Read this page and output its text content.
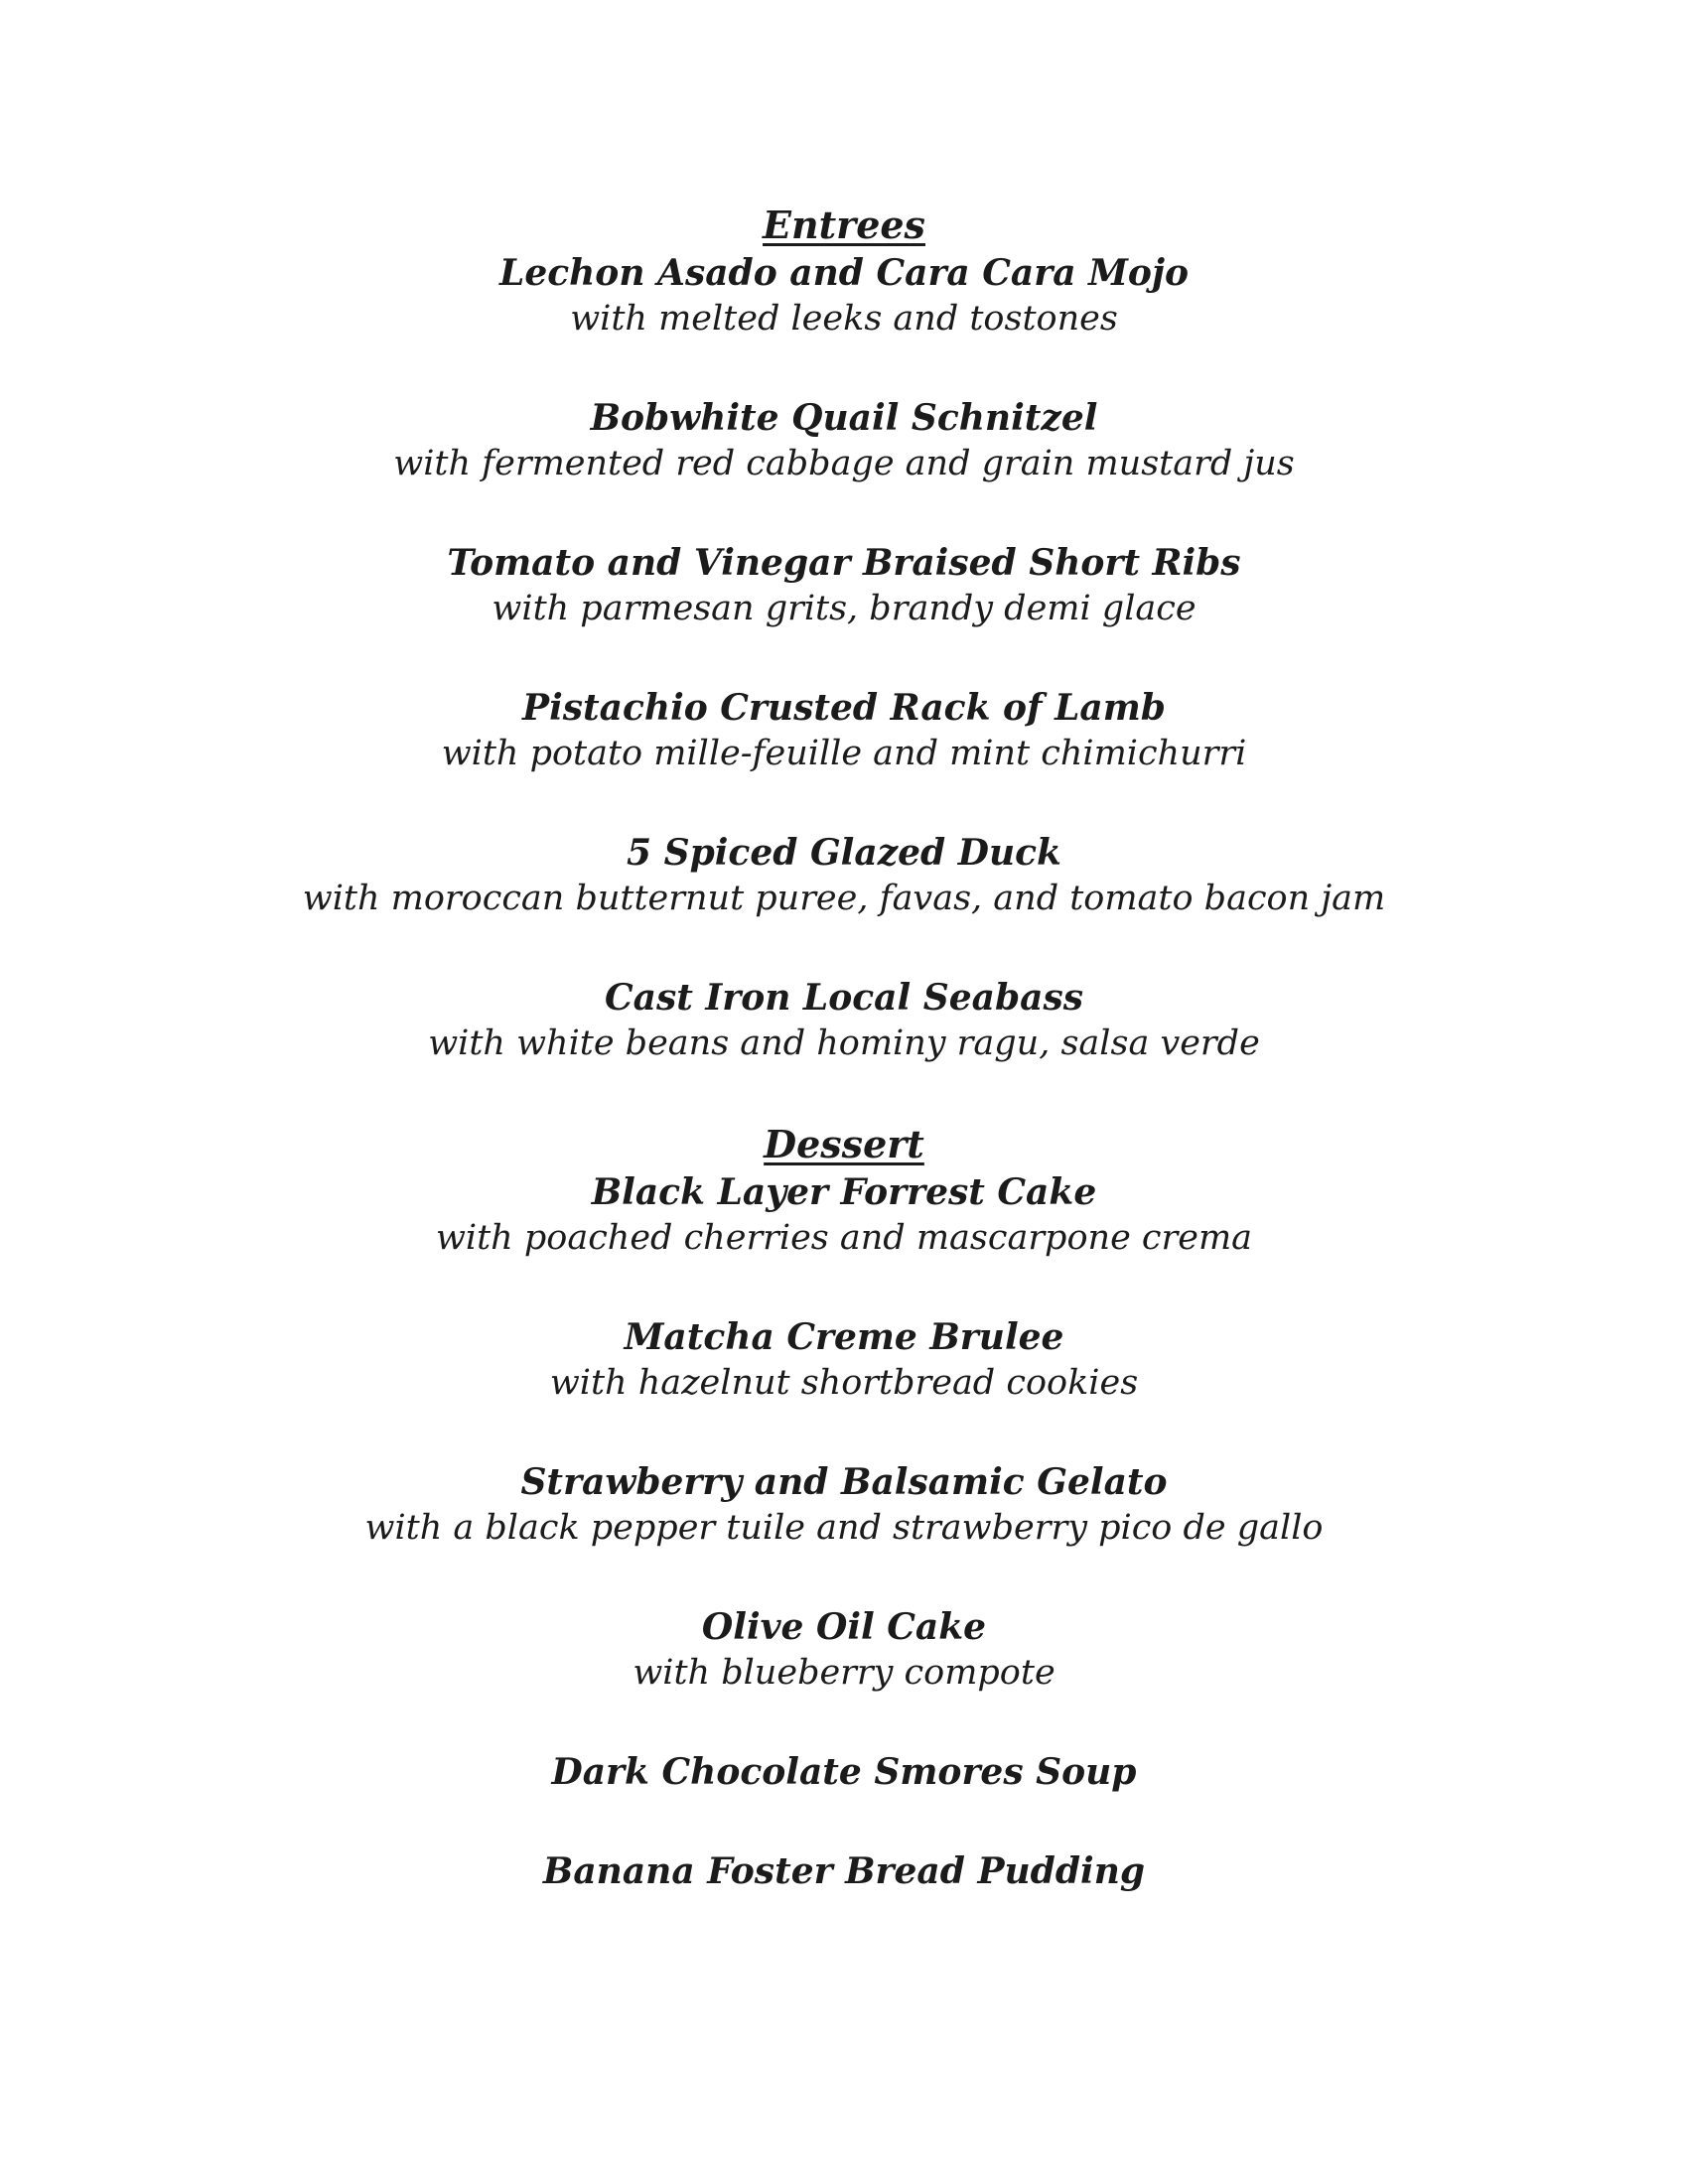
Entrees
Lechon Asado and Cara Cara Mojo
with melted leeks and tostones
Bobwhite Quail Schnitzel
with fermented red cabbage and grain mustard jus
Tomato and Vinegar Braised Short Ribs
with parmesan grits, brandy demi glace
Pistachio Crusted Rack of Lamb
with potato mille-feuille and mint chimichurri
5 Spiced Glazed Duck
with moroccan butternut puree, favas, and tomato bacon jam
Cast Iron Local Seabass
with white beans and hominy ragu, salsa verde
Dessert
Black Layer Forrest Cake
with poached cherries and mascarpone crema
Matcha Creme Brulee
with hazelnut shortbread cookies
Strawberry and Balsamic Gelato
with a black pepper tuile and strawberry pico de gallo
Olive Oil Cake
with blueberry compote
Dark Chocolate Smores Soup
Banana Foster Bread Pudding
